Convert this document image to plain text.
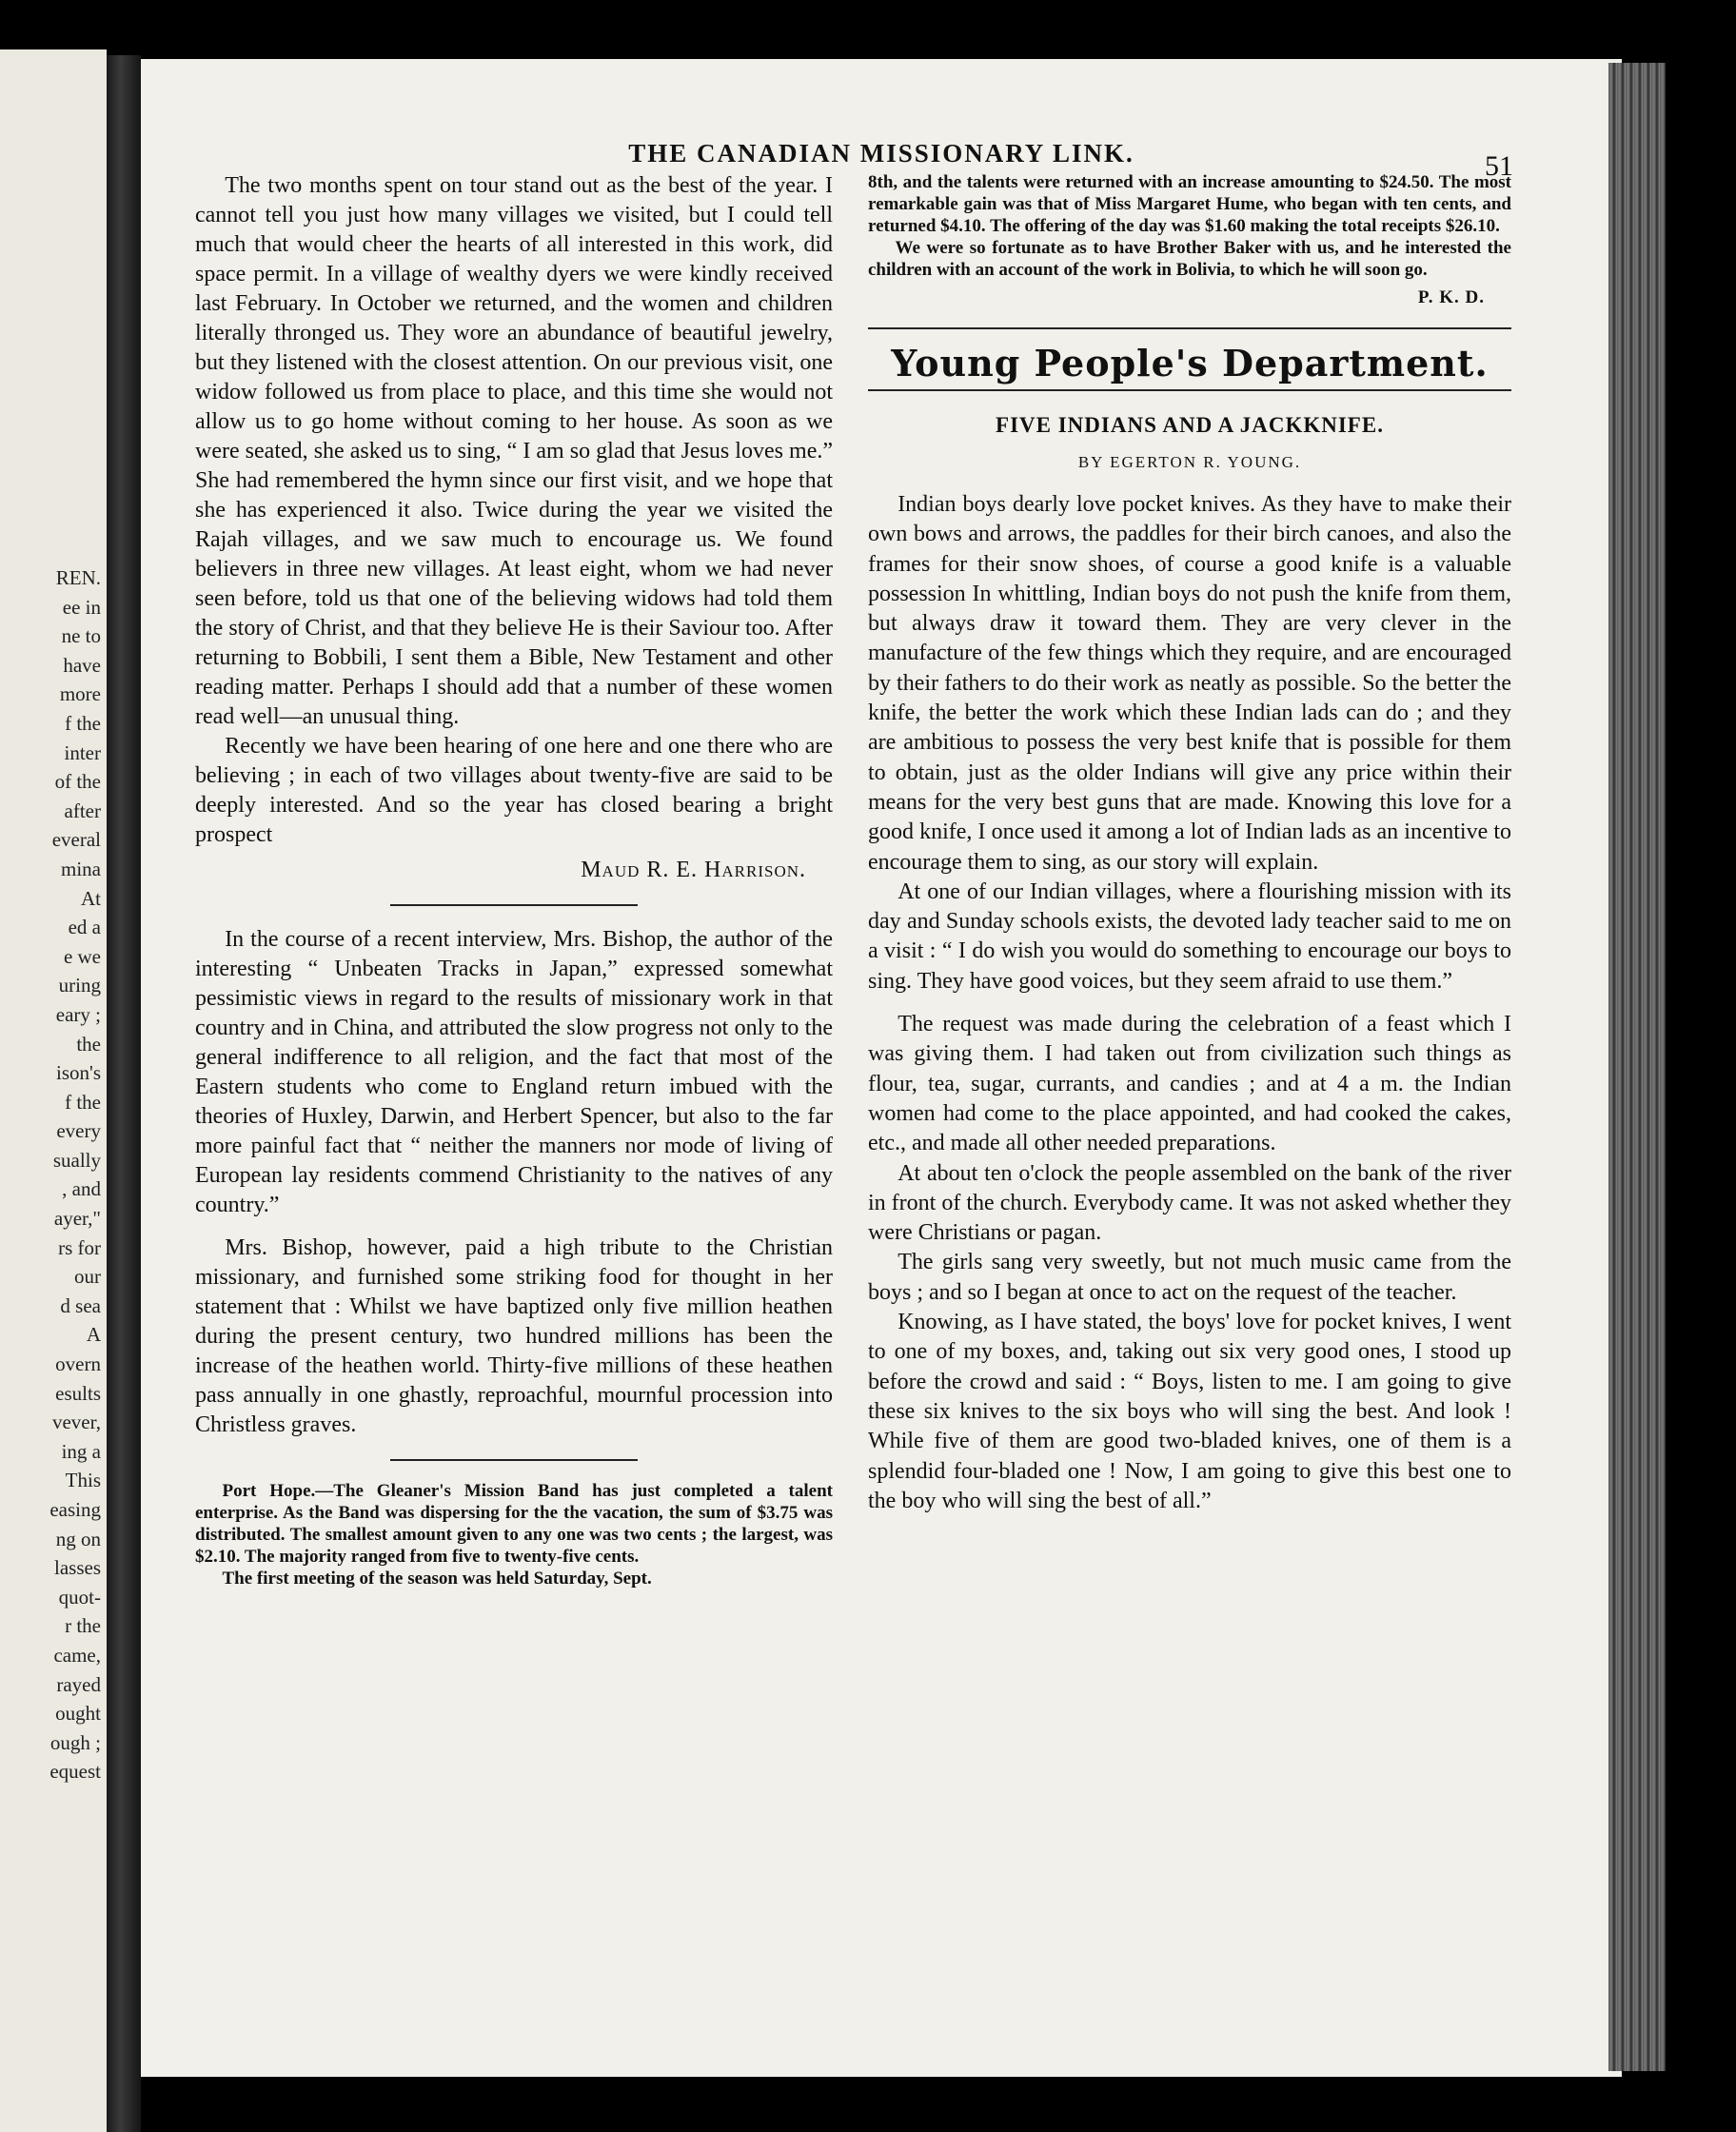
REN.
ee in
ne to
have
more
f the
inter
of the
after
everal
mina
At
ed a
e we
uring
eary ;
the
ison's
f the
every
sually
, and
ayer,"
rs for
our
d sea
A
overn
esults
vever,
ing a
This
easing
ng on
lasses
quot-
r the
came,
rayed
ought
ough ;
equest
THE CANADIAN MISSIONARY LINK.	51

The two months spent on tour stand out as the best of the year. I cannot tell you just how many villages we visited, but I could tell much that would cheer the hearts of all interested in this work, did space permit. In a village of wealthy dyers we were kindly received last February. In October we returned, and the women and children literally thronged us. They wore an abundance of beautiful jewelry, but they listened with the closest attention. On our previous visit, one widow followed us from place to place, and this time she would not allow us to go home without coming to her house. As soon as we were seated, she asked us to sing, “ I am so glad that Jesus loves me.” She had remembered the hymn since our first visit, and we hope that she has experienced it also. Twice during the year we visited the Rajah villages, and we saw much to encourage us. We found believers in three new villages. At least eight, whom we had never seen before, told us that one of the believing widows had told them the story of Christ, and that they believe He is their Saviour too. After returning to Bobbili, I sent them a Bible, New Testament and other reading matter. Perhaps I should add that a number of these women read well—an unusual thing.

Recently we have been hearing of one here and one there who are believing ; in each of two villages about twenty-five are said to be deeply interested. And so the year has closed bearing a bright prospect

Maud R. E. Harrison.

In the course of a recent interview, Mrs. Bishop, the author of the interesting “ Unbeaten Tracks in Japan,” expressed somewhat pessimistic views in regard to the results of missionary work in that country and in China, and attributed the slow progress not only to the general indifference to all religion, and the fact that most of the Eastern students who come to England return imbued with the theories of Huxley, Darwin, and Herbert Spencer, but also to the far more painful fact that “ neither the manners nor mode of living of European lay residents commend Christianity to the natives of any country.”

Mrs. Bishop, however, paid a high tribute to the Christian missionary, and furnished some striking food for thought in her statement that : Whilst we have baptized only five million heathen during the present century, two hundred millions has been the increase of the heathen world. Thirty-five millions of these heathen pass annually in one ghastly, reproachful, mournful procession into Christless graves.

Port Hope.—The Gleaner's Mission Band has just completed a talent enterprise. As the Band was dispersing for the the vacation, the sum of $3.75 was distributed. The smallest amount given to any one was two cents ; the largest, was $2.10. The majority ranged from five to twenty-five cents.

The first meeting of the season was held Saturday, Sept.

8th, and the talents were returned with an increase amounting to $24.50. The most remarkable gain was that of Miss Margaret Hume, who began with ten cents, and returned $4.10. The offering of the day was $1.60 making the total receipts $26.10.

We were so fortunate as to have Brother Baker with us, and he interested the children with an account of the work in Bolivia, to which he will soon go.

P. K. D.

Young People's Department.
FIVE INDIANS AND A JACKKNIFE.
BY EGERTON R. YOUNG.

Indian boys dearly love pocket knives. As they have to make their own bows and arrows, the paddles for their birch canoes, and also the frames for their snow shoes, of course a good knife is a valuable possession In whittling, Indian boys do not push the knife from them, but always draw it toward them. They are very clever in the manufacture of the few things which they require, and are encouraged by their fathers to do their work as neatly as possible. So the better the knife, the better the work which these Indian lads can do ; and they are ambitious to possess the very best knife that is possible for them to obtain, just as the older Indians will give any price within their means for the very best guns that are made. Knowing this love for a good knife, I once used it among a lot of Indian lads as an incentive to encourage them to sing, as our story will explain.

At one of our Indian villages, where a flourishing mission with its day and Sunday schools exists, the devoted lady teacher said to me on a visit : “ I do wish you would do something to encourage our boys to sing. They have good voices, but they seem afraid to use them.”

The request was made during the celebration of a feast which I was giving them. I had taken out from civilization such things as flour, tea, sugar, currants, and candies ; and at 4 a m. the Indian women had come to the place appointed, and had cooked the cakes, etc., and made all other needed preparations.

At about ten o'clock the people assembled on the bank of the river in front of the church. Everybody came. It was not asked whether they were Christians or pagan.

The girls sang very sweetly, but not much music came from the boys ; and so I began at once to act on the request of the teacher.

Knowing, as I have stated, the boys' love for pocket knives, I went to one of my boxes, and, taking out six very good ones, I stood up before the crowd and said : “ Boys, listen to me. I am going to give these six knives to the six boys who will sing the best. And look ! While five of them are good two-bladed knives, one of them is a splendid four-bladed one ! Now, I am going to give this best one to the boy who will sing the best of all.”
